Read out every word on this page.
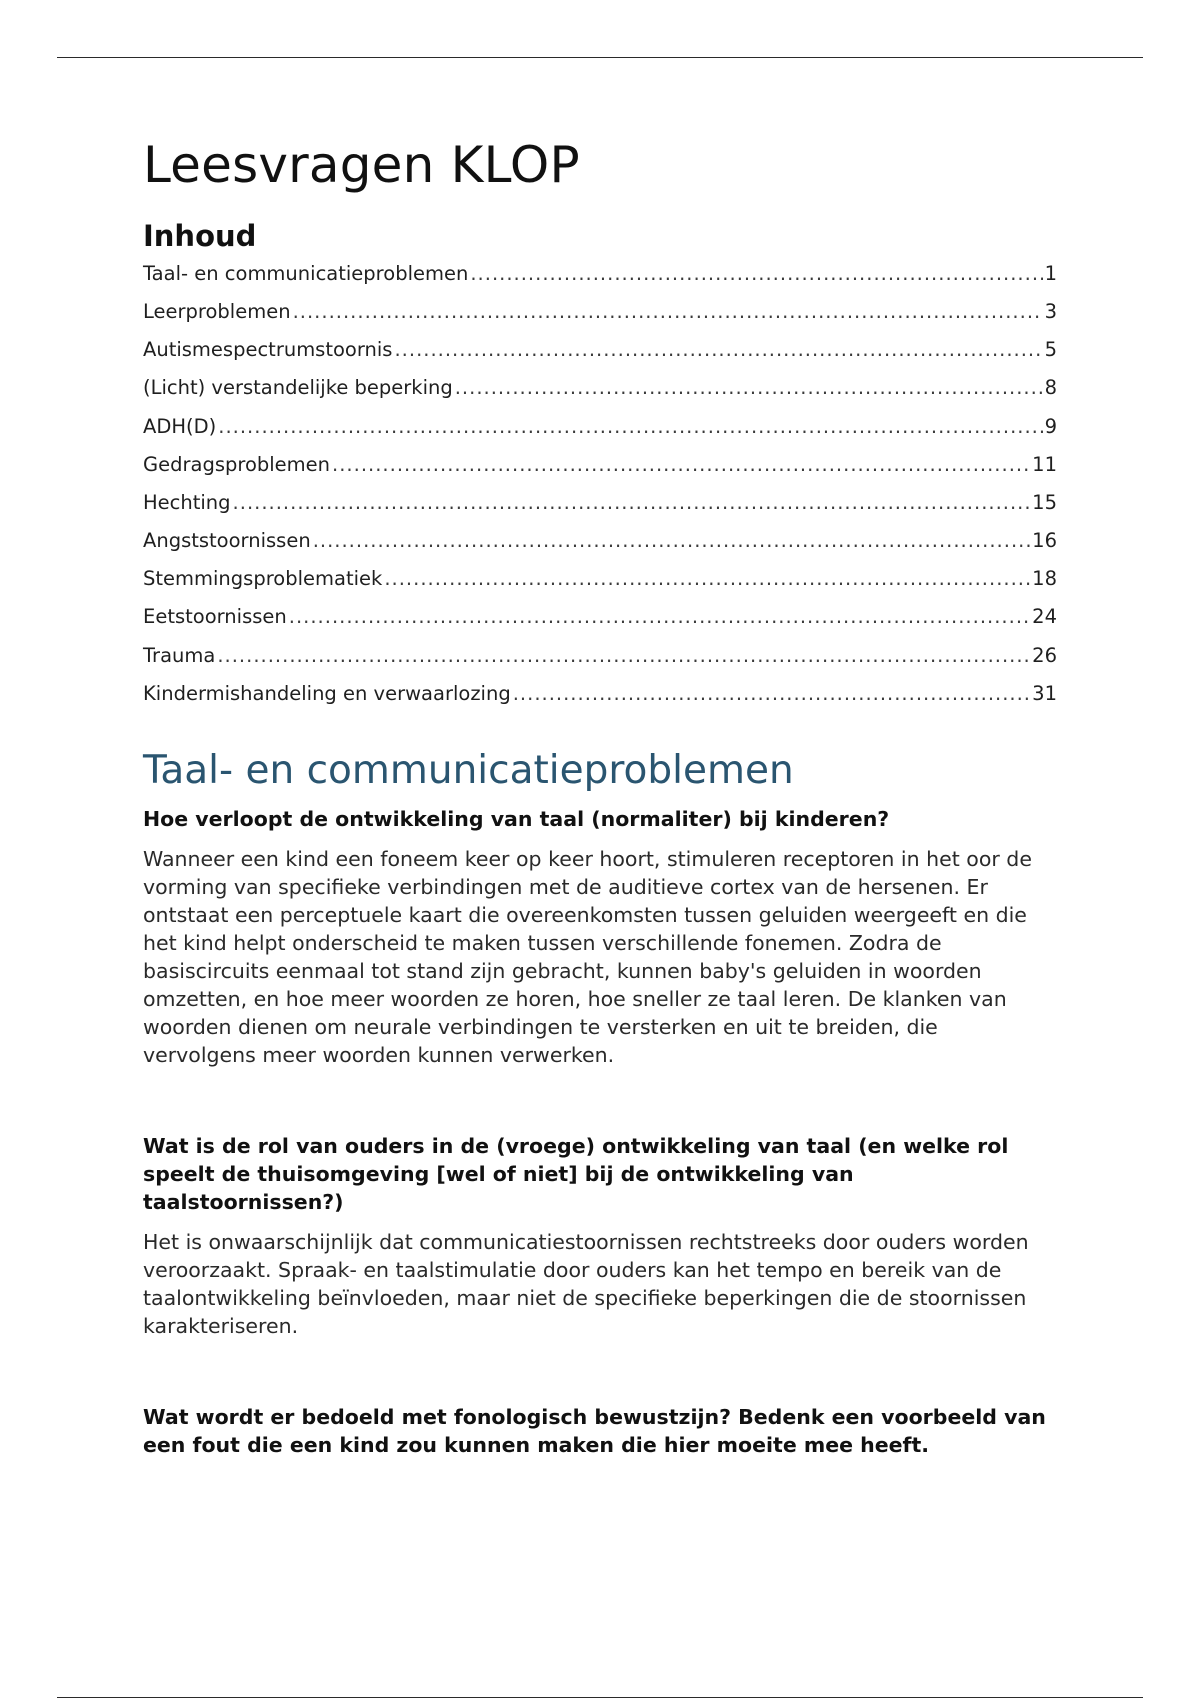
Leesvragen KLOP
Inhoud
Taal- en communicatieproblemen .....	1
Leerproblemen .....	3
Autismespectrumstoornis .....	5
(Licht) verstandelijke beperking .....	8
ADH(D) .....	9
Gedragsproblemen .....	11
Hechting .....	15
Angststoornissen .....	16
Stemmingsproblematiek .....	18
Eetstoornissen .....	24
Trauma .....	26
Kindermishandeling en verwaarlozing .....	31
Taal- en communicatieproblemen

Hoe verloopt de ontwikkeling van taal (normaliter) bij kinderen?

Wanneer een kind een foneem keer op keer hoort, stimuleren receptoren in het oor de vorming van specifieke verbindingen met de auditieve cortex van de hersenen. Er ontstaat een perceptuele kaart die overeenkomsten tussen geluiden weergeeft en die het kind helpt onderscheid te maken tussen verschillende fonemen. Zodra de basiscircuits eenmaal tot stand zijn gebracht, kunnen baby's geluiden in woorden omzetten, en hoe meer woorden ze horen, hoe sneller ze taal leren. De klanken van woorden dienen om neurale verbindingen te versterken en uit te breiden, die vervolgens meer woorden kunnen verwerken.

Wat is de rol van ouders in de (vroege) ontwikkeling van taal (en welke rol speelt de thuisomgeving [wel of niet] bij de ontwikkeling van taalstoornissen?)

Het is onwaarschijnlijk dat communicatiestoornissen rechtstreeks door ouders worden veroorzaakt. Spraak- en taalstimulatie door ouders kan het tempo en bereik van de taalontwikkeling beïnvloeden, maar niet de specifieke beperkingen die de stoornissen karakteriseren.

Wat wordt er bedoeld met fonologisch bewustzijn? Bedenk een voorbeeld van een fout die een kind zou kunnen maken die hier moeite mee heeft.
